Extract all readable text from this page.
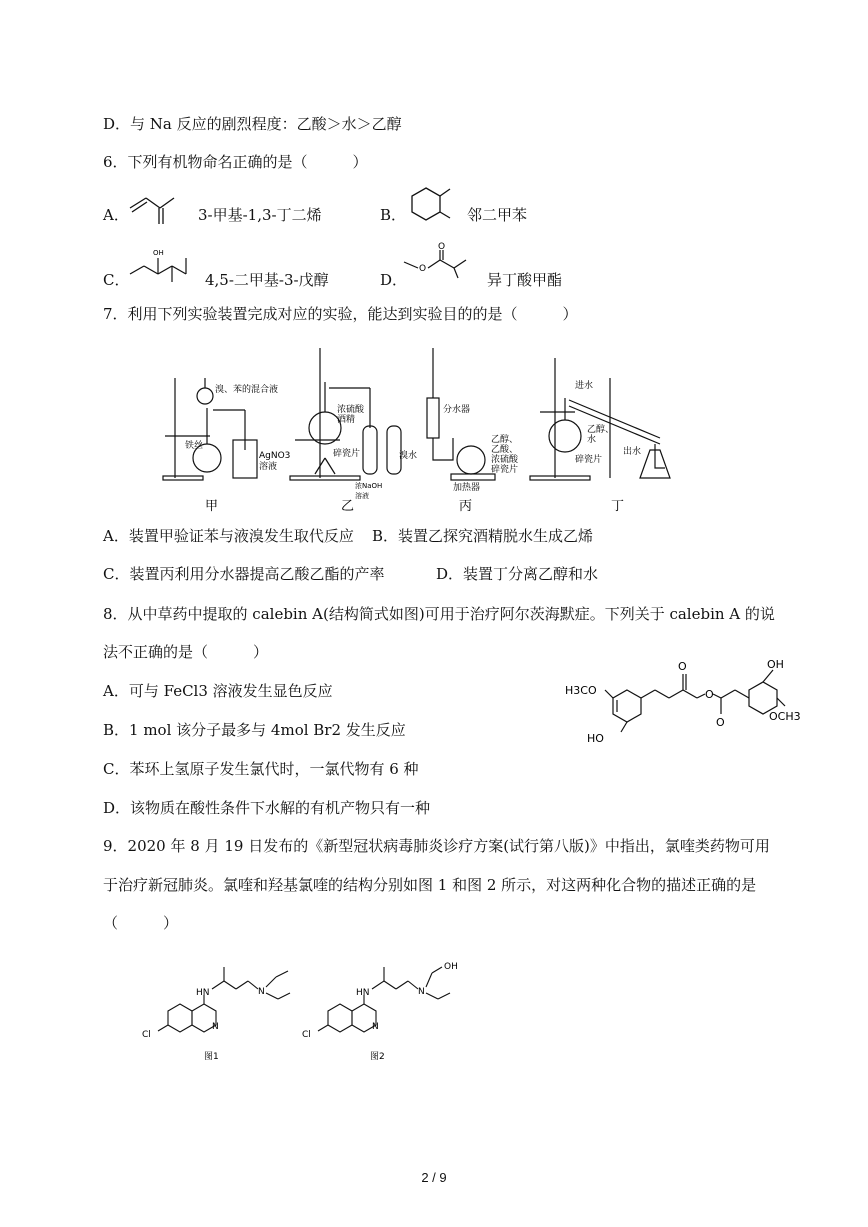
D．与 Na 反应的剧烈程度：乙酸＞水＞乙醇
6．下列有机物命名正确的是（　　　）
A．	3-甲基-1,3-丁二烯	B．	邻二甲苯
C．
OH
4,5-二甲基-3-戊醇	D．
O
O
异丁酸甲酯
7．利用下列实验装置完成对应的实验，能达到实验目的的是（　　　）
溴、苯的混合液
铁丝
AgNO3
溶液
浓硫酸
酒精
碎瓷片
浓NaOH
溶液
溴水
分水器
乙醇、
乙酸、
浓硫酸
碎瓷片
加热器
进水
出水
乙醇、
水
碎瓷片
甲	乙	丙	丁
A．装置甲验证苯与液溴发生取代反应 B．装置乙探究酒精脱水生成乙烯
C．装置丙利用分水器提高乙酸乙酯的产率	D．装置丁分离乙醇和水
8．从中草药中提取的 calebin A(结构简式如图)可用于治疗阿尔茨海默症。下列关于 calebin A 的说
法不正确的是（　　　）
A．可与 FeCl3 溶液发生显色反应
B．1 mol 该分子最多与 4mol Br2 发生反应
C．苯环上氢原子发生氯代时，一氯代物有 6 种
D．该物质在酸性条件下水解的有机产物只有一种
H3CO
HO
O
O
O
OH
OCH3
9．2020 年 8 月 19 日发布的《新型冠状病毒肺炎诊疗方案(试行第八版)》中指出，氯喹类药物可用
于治疗新冠肺炎。氯喹和羟基氯喹的结构分别如图 1 和图 2 所示，对这两种化合物的描述正确的是
（　　　）
HN	N
N
Cl
图1
HN	N
N
Cl
OH
图2
2 / 9
